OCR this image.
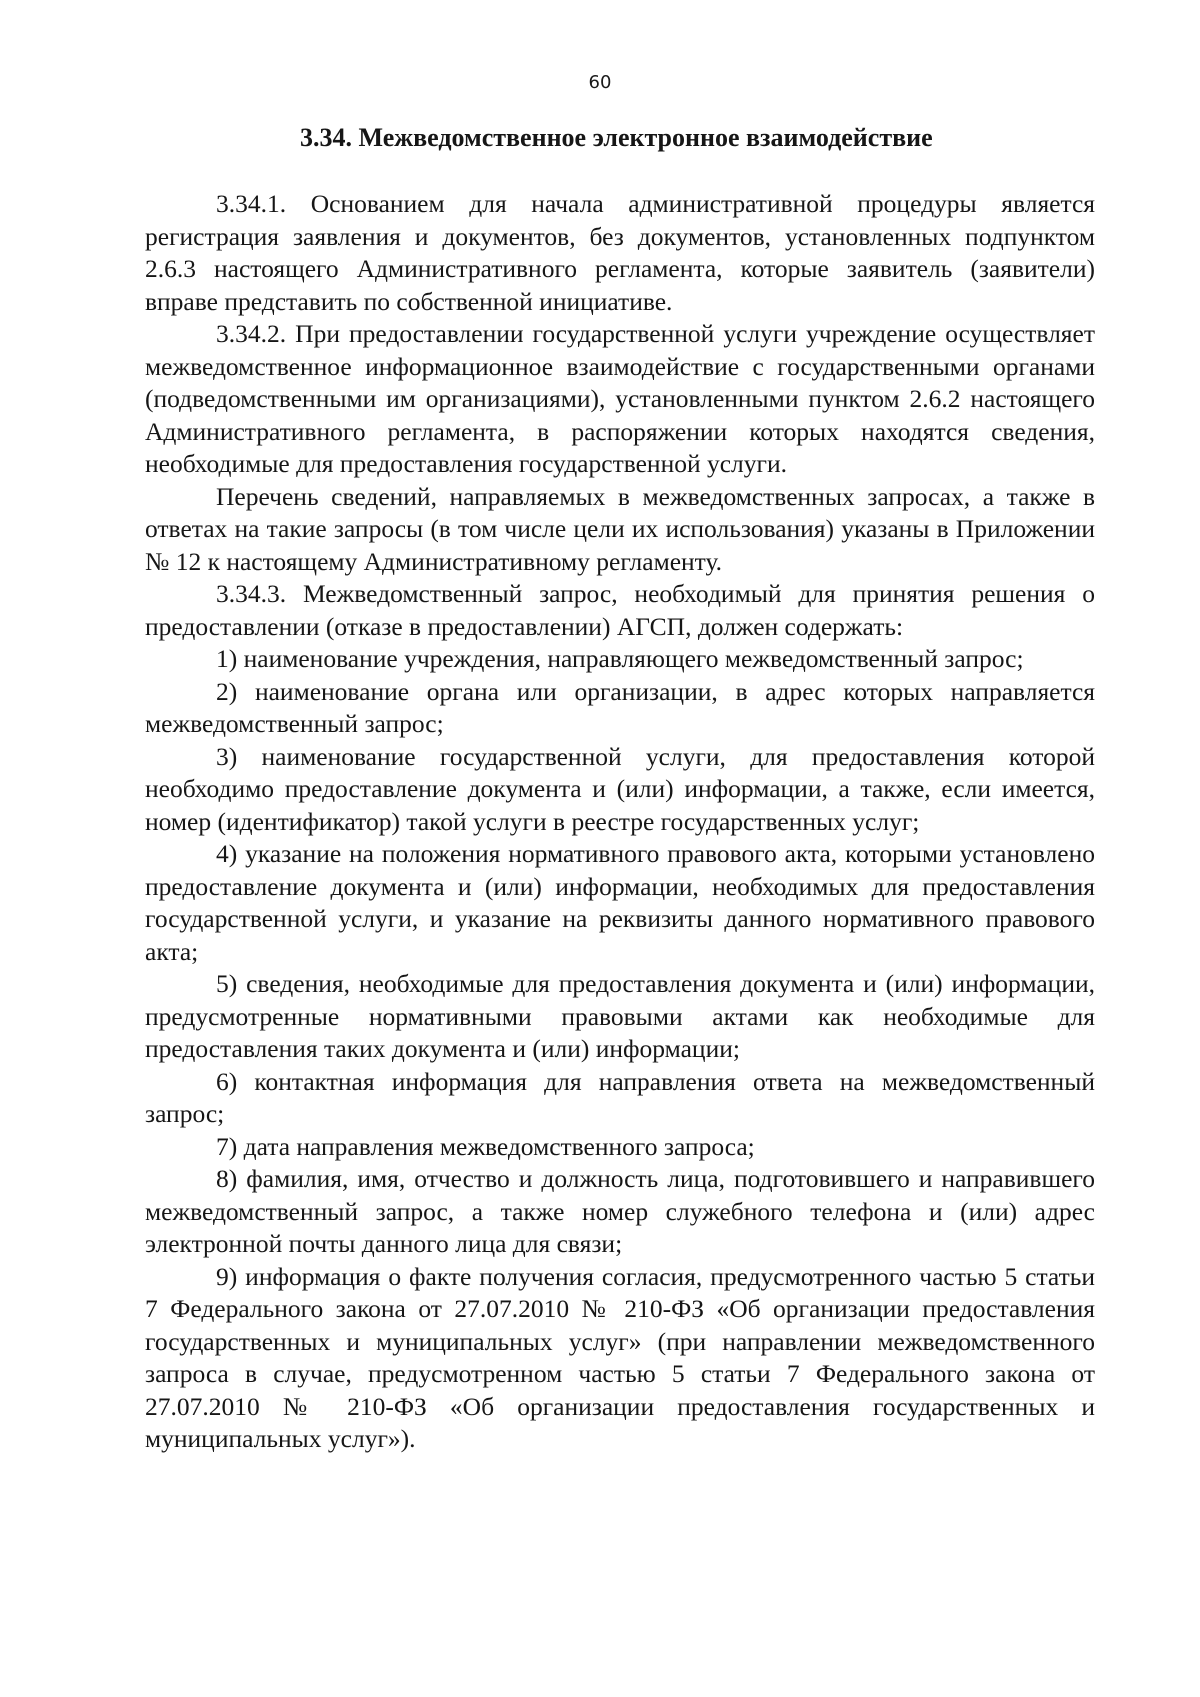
60
3.34. Межведомственное электронное взаимодействие

3.34.1. Основанием для начала административной процедуры является регистрация заявления и документов, без документов, установленных подпунктом 2.6.3 настоящего Административного регламента, которые заявитель (заявители) вправе представить по собственной инициативе.

3.34.2. При предоставлении государственной услуги учреждение осуществляет межведомственное информационное взаимодействие с государственными органами (подведомственными им организациями), установленными пунктом 2.6.2 настоящего Административного регламента, в распоряжении которых находятся сведения, необходимые для предоставления государственной услуги.

Перечень сведений, направляемых в межведомственных запросах, а также в ответах на такие запросы (в том числе цели их использования) указаны в Приложении № 12 к настоящему Административному регламенту.

3.34.3. Межведомственный запрос, необходимый для принятия решения о предоставлении (отказе в предоставлении) АГСП, должен содержать:

1) наименование учреждения, направляющего межведомственный запрос;

2) наименование органа или организации, в адрес которых направляется межведомственный запрос;

3) наименование государственной услуги, для предоставления которой необходимо предоставление документа и (или) информации, а также, если имеется, номер (идентификатор) такой услуги в реестре государственных услуг;

4) указание на положения нормативного правового акта, которыми установлено предоставление документа и (или) информации, необходимых для предоставления государственной услуги, и указание на реквизиты данного нормативного правового акта;

5) сведения, необходимые для предоставления документа и (или) информации, предусмотренные нормативными правовыми актами как необходимые для предоставления таких документа и (или) информации;

6) контактная информация для направления ответа на межведомственный запрос;

7) дата направления межведомственного запроса;

8) фамилия, имя, отчество и должность лица, подготовившего и направившего межведомственный запрос, а также номер служебного телефона и (или) адрес электронной почты данного лица для связи;

9) информация о факте получения согласия, предусмотренного частью 5 статьи 7 Федерального закона от 27.07.2010 № 210-ФЗ «Об организации предоставления государственных и муниципальных услуг» (при направлении межведомственного запроса в случае, предусмотренном частью 5 статьи 7 Федерального закона от 27.07.2010 № 210-ФЗ «Об организации предоставления государственных и муниципальных услуг»).
